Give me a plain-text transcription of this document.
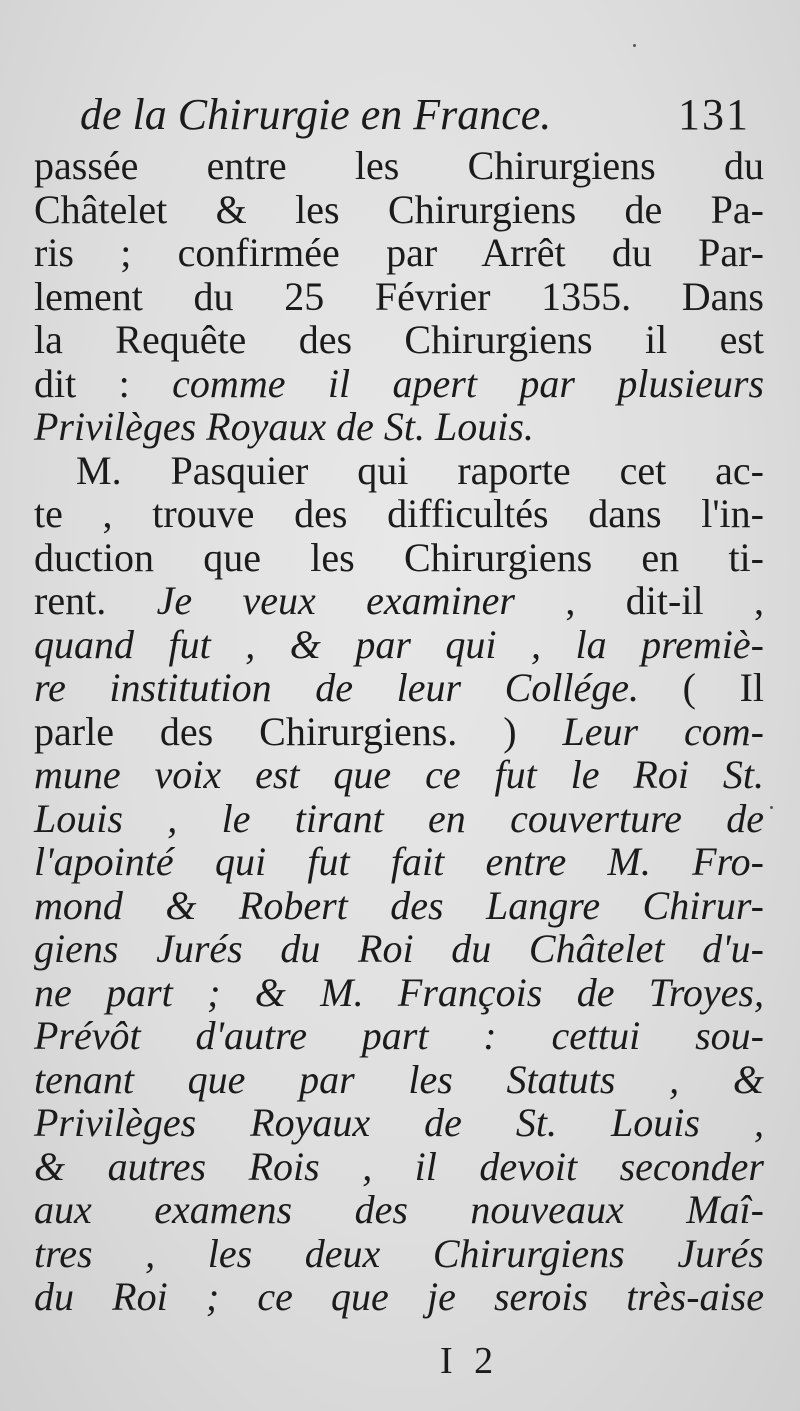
de la Chirurgie en France.	131
passée entre les Chirurgiens du
Châtelet & les Chirurgiens de Pa-
ris ; confirmée par Arrêt du Par-
lement du 25 Février 1355. Dans
la Requête des Chirurgiens il est
dit : comme il apert par plusieurs
Privilèges Royaux de St. Louis.
M. Pasquier qui raporte cet ac-
te , trouve des difficultés dans l'in-
duction que les Chirurgiens en ti-
rent. Je veux examiner , dit-il ,
quand fut , & par qui , la premiè-
re institution de leur Collége. ( Il
parle des Chirurgiens. ) Leur com-
mune voix est que ce fut le Roi St.
Louis , le tirant en couverture de
l'apointé qui fut fait entre M. Fro-
mond & Robert des Langre Chirur-
giens Jurés du Roi du Châtelet d'u-
ne part ; & M. François de Troyes,
Prévôt d'autre part : cettui sou-
tenant que par les Statuts , &
Privilèges Royaux de St. Louis ,
& autres Rois , il devoit seconder
aux examens des nouveaux Maî-
tres , les deux Chirurgiens Jurés
du Roi ; ce que je serois très-aise
I 2
